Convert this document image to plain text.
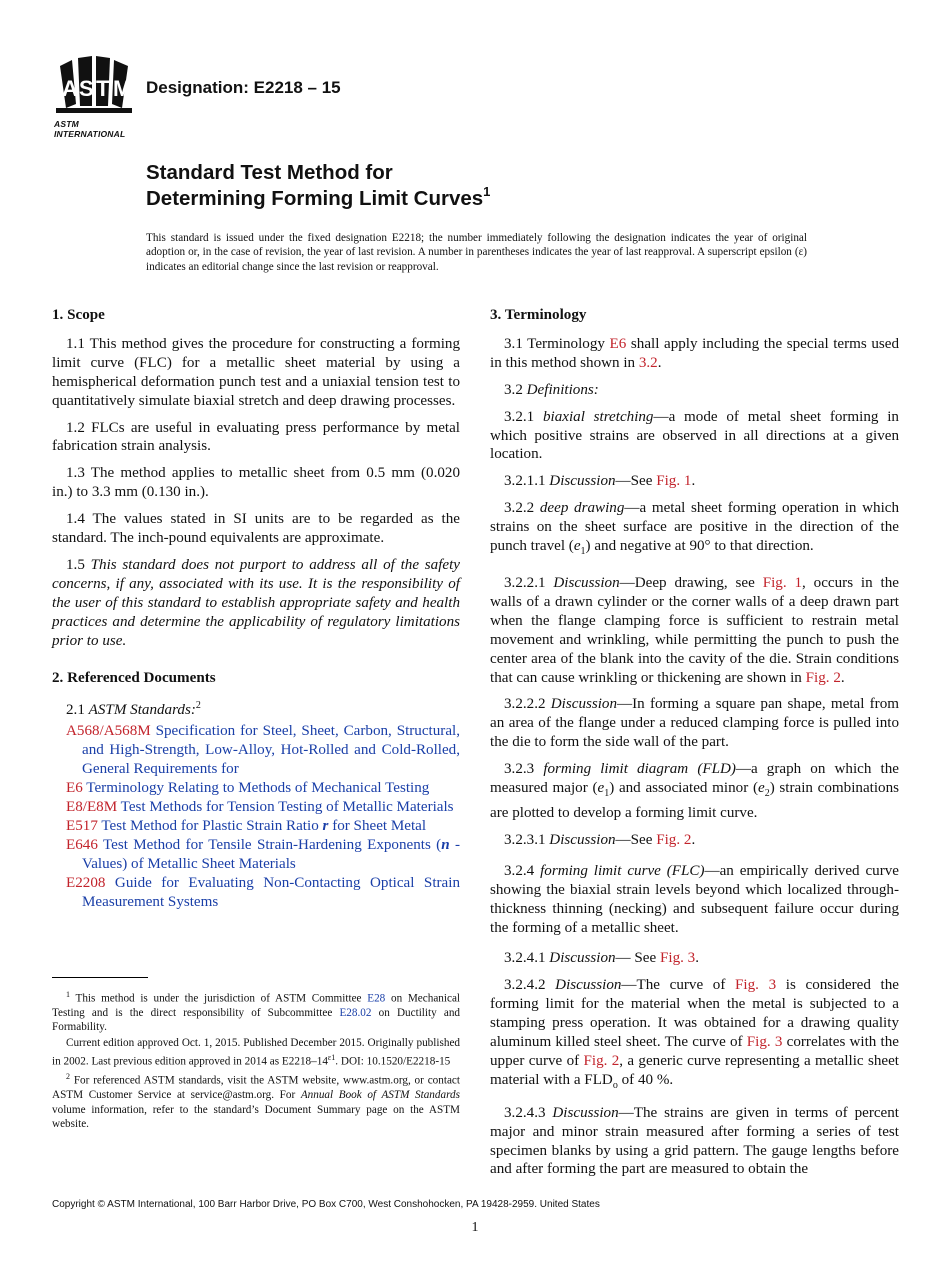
A S T M
ASTM INTERNATIONAL
Designation: E2218 – 15
Standard Test Method for
Determining Forming Limit Curves$^1$
This standard is issued under the fixed designation E2218; the number immediately following the designation indicates the year of original adoption or, in the case of revision, the year of last revision. A number in parentheses indicates the year of last reapproval. A superscript epsilon (ε) indicates an editorial change since the last revision or reapproval.
1. Scope

1.1 This method gives the procedure for constructing a forming limit curve (FLC) for a metallic sheet material by using a hemispherical deformation punch test and a uniaxial tension test to quantitatively simulate biaxial stretch and deep drawing processes.

1.2 FLCs are useful in evaluating press performance by metal fabrication strain analysis.

1.3 The method applies to metallic sheet from 0.5 mm (0.020 in.) to 3.3 mm (0.130 in.).

1.4 The values stated in SI units are to be regarded as the standard. The inch-pound equivalents are approximate.

1.5 This standard does not purport to address all of the safety concerns, if any, associated with its use. It is the responsibility of the user of this standard to establish appropriate safety and health practices and determine the applicability of regulatory limitations prior to use.

2. Referenced Documents

2.1 ASTM Standards:$^2$

A568/A568M Specification for Steel, Sheet, Carbon, Structural, and High-Strength, Low-Alloy, Hot-Rolled and Cold-Rolled, General Requirements for
E6 Terminology Relating to Methods of Mechanical Testing
E8/E8M Test Methods for Tension Testing of Metallic Materials
E517 Test Method for Plastic Strain Ratio r for Sheet Metal
E646 Test Method for Tensile Strain-Hardening Exponents (n -Values) of Metallic Sheet Materials
E2208 Guide for Evaluating Non-Contacting Optical Strain Measurement Systems

$^1$ This method is under the jurisdiction of ASTM Committee E28 on Mechanical Testing and is the direct responsibility of Subcommittee E28.02 on Ductility and Formability.

Current edition approved Oct. 1, 2015. Published December 2015. Originally published in 2002. Last previous edition approved in 2014 as $E2218-14^{\varepsilon 1}$. DOI: 10.1520/E2218-15

$^2$ For referenced ASTM standards, visit the ASTM website, www.astm.org, or contact ASTM Customer Service at service@astm.org. For Annual Book of ASTM Standards volume information, refer to the standard’s Document Summary page on the ASTM website.

3. Terminology

3.1 Terminology E6 shall apply including the special terms used in this method shown in 3.2.

3.2 Definitions:

3.2.1 biaxial stretching—a mode of metal sheet forming in which positive strains are observed in all directions at a given location.

3.2.1.1 Discussion—See Fig. 1.

3.2.2 deep drawing—a metal sheet forming operation in which strains on the sheet surface are positive in the direction of the punch travel $(e_1)$ and negative at 90° to that direction.

3.2.2.1 Discussion—Deep drawing, see Fig. 1, occurs in the walls of a drawn cylinder or the corner walls of a deep drawn part when the flange clamping force is sufficient to restrain metal movement and wrinkling, while permitting the punch to push the center area of the blank into the cavity of the die. Strain conditions that can cause wrinkling or thickening are shown in Fig. 2.

3.2.2.2 Discussion—In forming a square pan shape, metal from an area of the flange under a reduced clamping force is pulled into the die to form the side wall of the part.

3.2.3 forming limit diagram (FLD)—a graph on which the measured major $(e_1)$ and associated minor $(e_2)$ strain combinations are plotted to develop a forming limit curve.

3.2.3.1 Discussion—See Fig. 2.

3.2.4 forming limit curve (FLC)—an empirically derived curve showing the biaxial strain levels beyond which localized through-thickness thinning (necking) and subsequent failure occur during the forming of a metallic sheet.

3.2.4.1 Discussion— See Fig. 3.

3.2.4.2 Discussion—The curve of Fig. 3 is considered the forming limit for the material when the metal is subjected to a stamping press operation. It was obtained for a drawing quality aluminum killed steel sheet. The curve of Fig. 3 correlates with the upper curve of Fig. 2, a generic curve representing a metallic sheet material with a $FLD_o$ of 40 %.

3.2.4.3 Discussion—The strains are given in terms of percent major and minor strain measured after forming a series of test specimen blanks by using a grid pattern. The gauge lengths before and after forming the part are measured to obtain the

Copyright © ASTM International, 100 Barr Harbor Drive, PO Box C700, West Conshohocken, PA 19428-2959. United States
1
